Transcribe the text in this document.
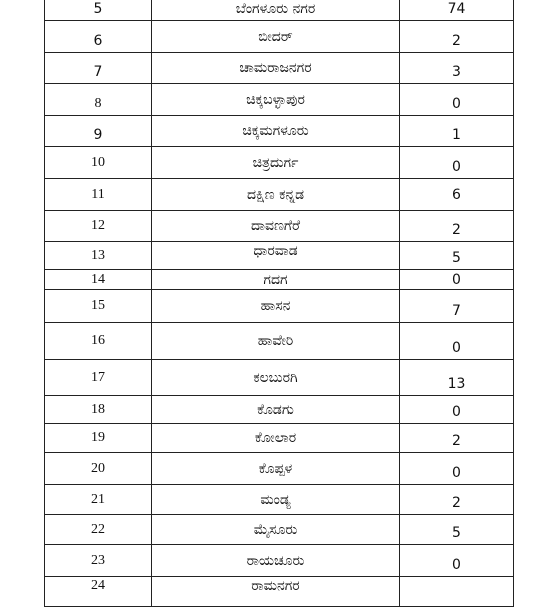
5	ಬೆಂಗಳೂರು ನಗರ	74
6	ಬೀದರ್	2
7	ಚಾಮರಾಜನಗರ	3
8	ಚಿಕ್ಕಬಳ್ಳಾಪುರ	0
9	ಚಿಕ್ಕಮಗಳೂರು	1
10	ಚಿತ್ರದುರ್ಗ	0
11	ದಕ್ಷಿಣ ಕನ್ನಡ	6
12	ದಾವಣಗೆರೆ	2
13	ಧಾರವಾಡ	5
14	ಗದಗ	0
15	ಹಾಸನ	7
16	ಹಾವೇರಿ	0
17	ಕಲಬುರಗಿ	13
18	ಕೊಡಗು	0
19	ಕೋಲಾರ	2
20	ಕೊಪ್ಪಳ	0
21	ಮಂಡ್ಯ	2
22	ಮೈಸೂರು	5
23	ರಾಯಚೂರು	0
24	ರಾಮನಗರ	
